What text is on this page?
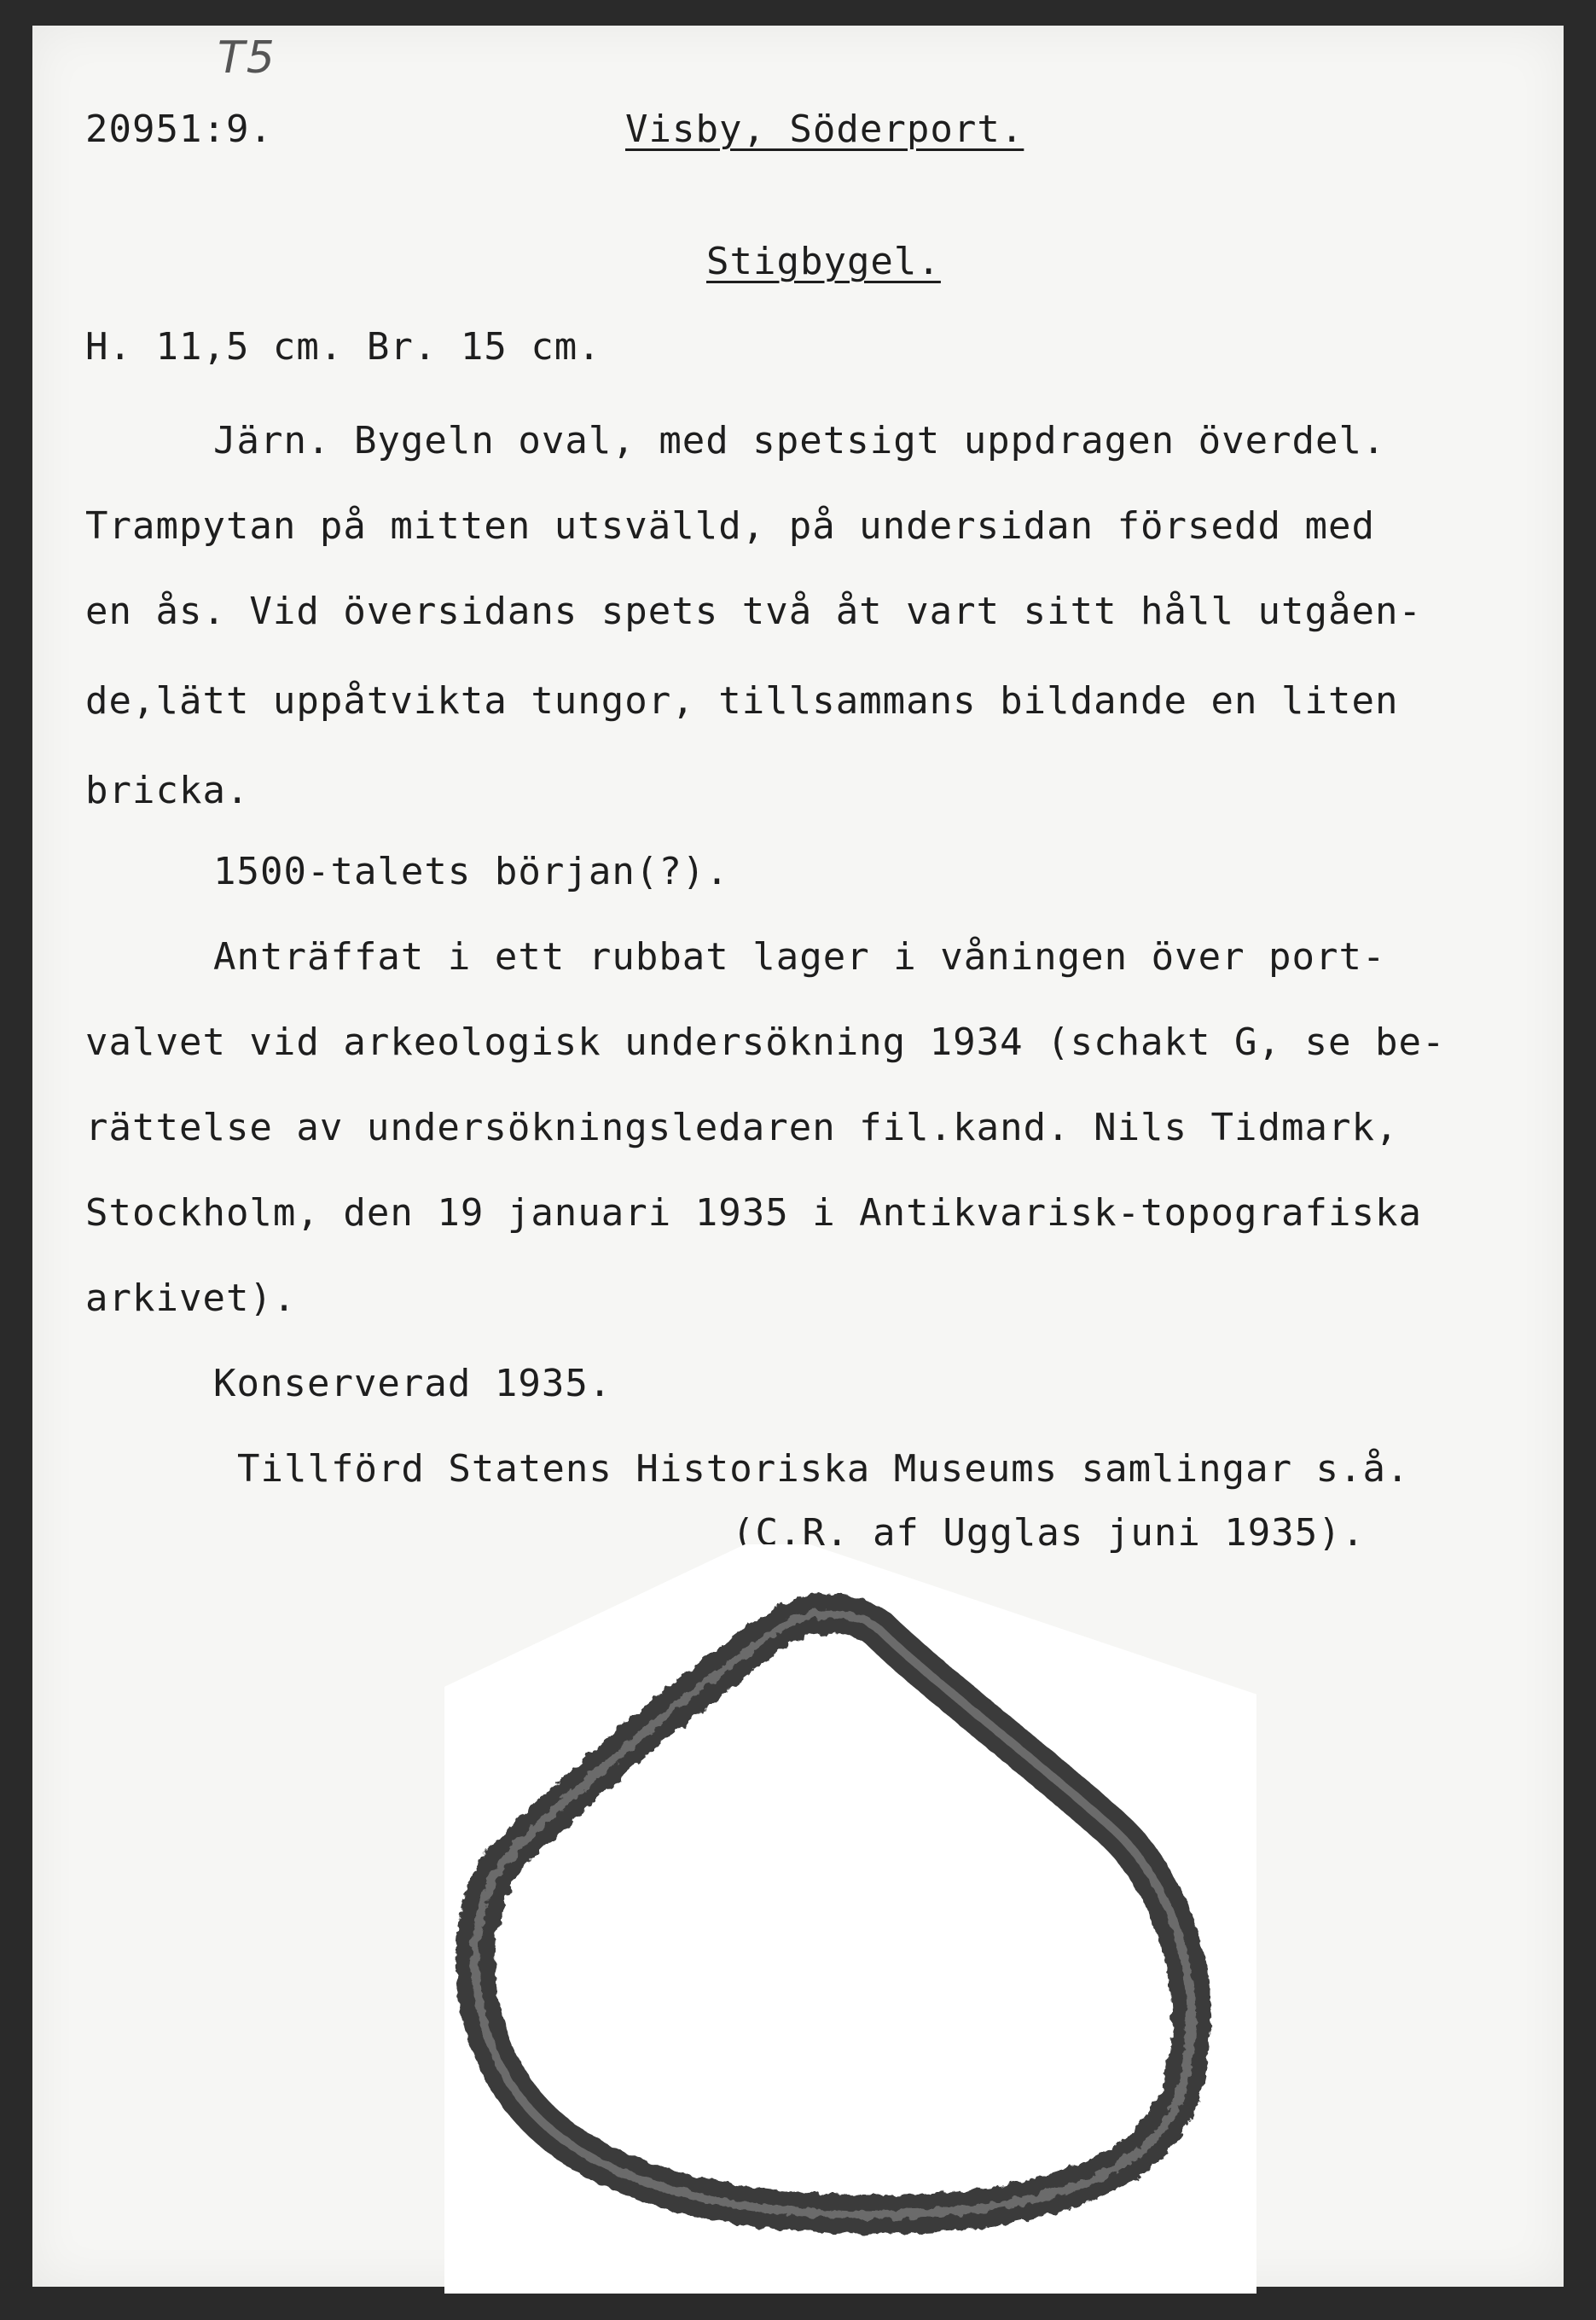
T5
20951:9.	Visby, Söderport.
Stigbygel.
H. 11,5 cm. Br. 15 cm.
Järn. Bygeln oval, med spetsigt uppdragen överdel.
Trampytan på mitten utsvälld, på undersidan försedd med
en ås. Vid översidans spets två åt vart sitt håll utgåen-
de,lätt uppåtvikta tungor, tillsammans bildande en liten
bricka.
1500-talets början(?).
Anträffat i ett rubbat lager i våningen över port-
valvet vid arkeologisk undersökning 1934 (schakt G, se be-
rättelse av undersökningsledaren fil.kand. Nils Tidmark,
Stockholm, den 19 januari 1935 i Antikvarisk-topografiska
arkivet).
Konserverad 1935.
Tillförd Statens Historiska Museums samlingar s.å.
(C.R. af Ugglas juni 1935).
